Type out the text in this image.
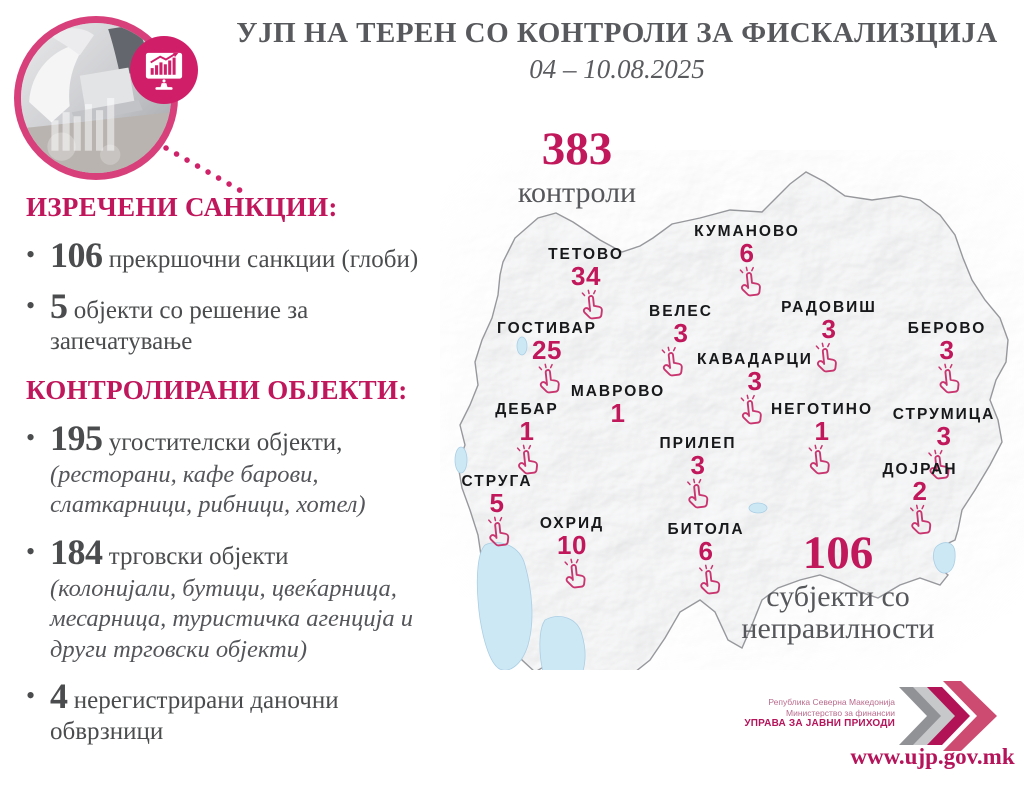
УЈП НА ТЕРЕН СО КОНТРОЛИ ЗА ФИСКАЛИЗЦИЈА
04 – 10.08.2025
ИЗРЕЧЕНИ САНКЦИИ:
• 106 прекршочни санкции (глоби)
• 5 објекти со решение за запечатување
КОНТРОЛИРАНИ ОБЈЕКТИ:
• 195 угостителски објекти,
(ресторани, кафе барови, слаткарници, рибници, хотел)
• 184 трговски објекти
(колонијали, бутици, цвеќарница, месарница, туристичка агенција и други трговски објекти)
• 4 нерегистрирани даночни обврзници
383
контроли
106
субјекти со неправилности
ТЕТОВО
34
КУМАНОВО
6
ВЕЛЕС
3
РАДОВИШ
3
ГОСТИВАР
25	КАВАДАРЦИ
3
БЕРОВО
3
МАВРОВО
1
ДЕБАР
1
НЕГОТИНО
1
СТРУМИЦА
3
ПРИЛЕП
3	ДОЈРАН
2
СТРУГА
5
ОХРИД
10	БИТОЛА
6
Република Северна Македонија
Министерство за финансии
УПРАВА ЗА ЈАВНИ ПРИХОДИ
www.ujp.gov.mk
